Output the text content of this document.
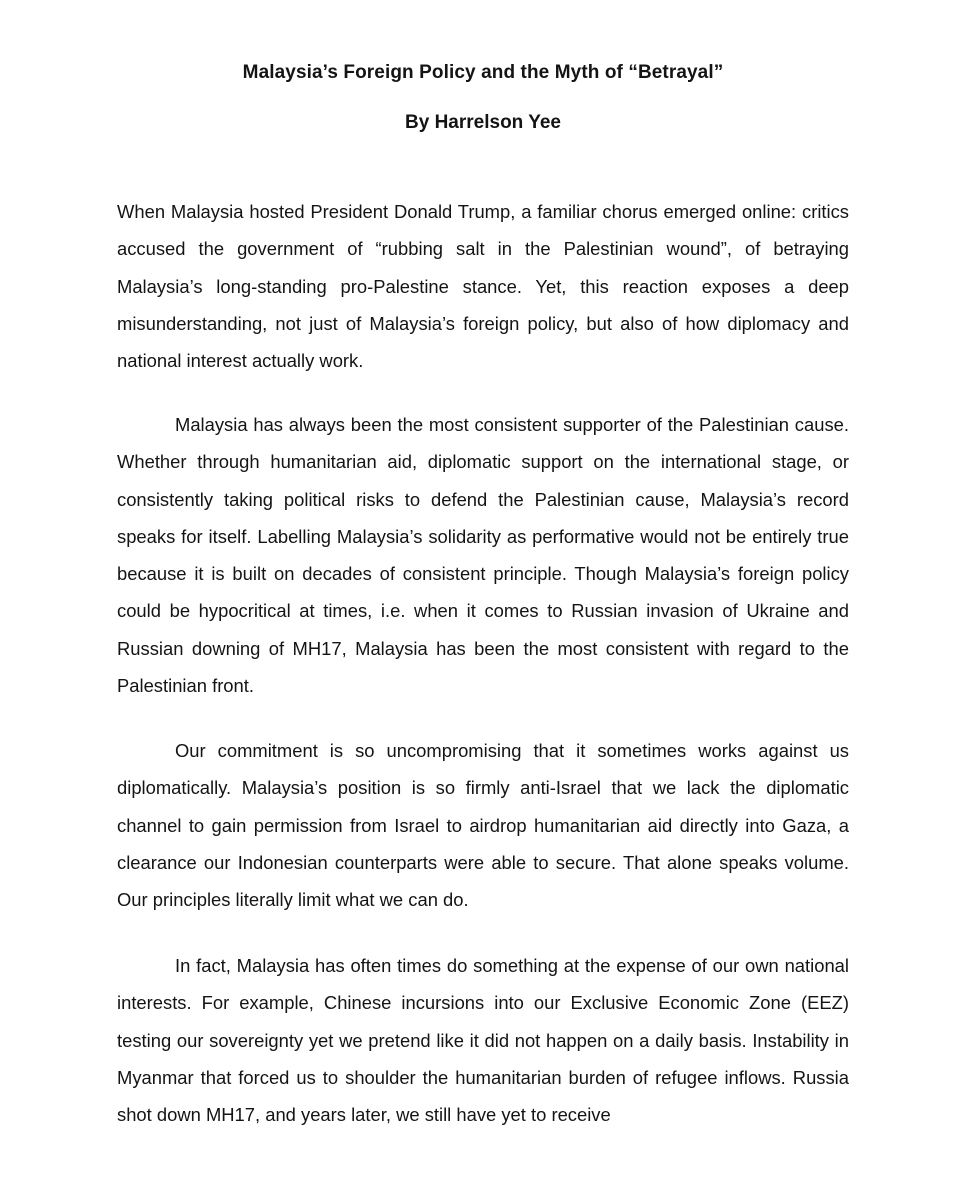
Malaysia’s Foreign Policy and the Myth of “Betrayal”
By Harrelson Yee

When Malaysia hosted President Donald Trump, a familiar chorus emerged online: critics accused the government of “rubbing salt in the Palestinian wound”, of betraying Malaysia’s long-standing pro-Palestine stance. Yet, this reaction exposes a deep misunderstanding, not just of Malaysia’s foreign policy, but also of how diplomacy and national interest actually work.

Malaysia has always been the most consistent supporter of the Palestinian cause. Whether through humanitarian aid, diplomatic support on the international stage, or consistently taking political risks to defend the Palestinian cause, Malaysia’s record speaks for itself. Labelling Malaysia’s solidarity as performative would not be entirely true because it is built on decades of consistent principle. Though Malaysia’s foreign policy could be hypocritical at times, i.e. when it comes to Russian invasion of Ukraine and Russian downing of MH17, Malaysia has been the most consistent with regard to the Palestinian front.

Our commitment is so uncompromising that it sometimes works against us diplomatically. Malaysia’s position is so firmly anti-Israel that we lack the diplomatic channel to gain permission from Israel to airdrop humanitarian aid directly into Gaza, a clearance our Indonesian counterparts were able to secure. That alone speaks volume. Our principles literally limit what we can do.

In fact, Malaysia has often times do something at the expense of our own national interests. For example, Chinese incursions into our Exclusive Economic Zone (EEZ) testing our sovereignty yet we pretend like it did not happen on a daily basis. Instability in Myanmar that forced us to shoulder the humanitarian burden of refugee inflows. Russia shot down MH17, and years later, we still have yet to receive
